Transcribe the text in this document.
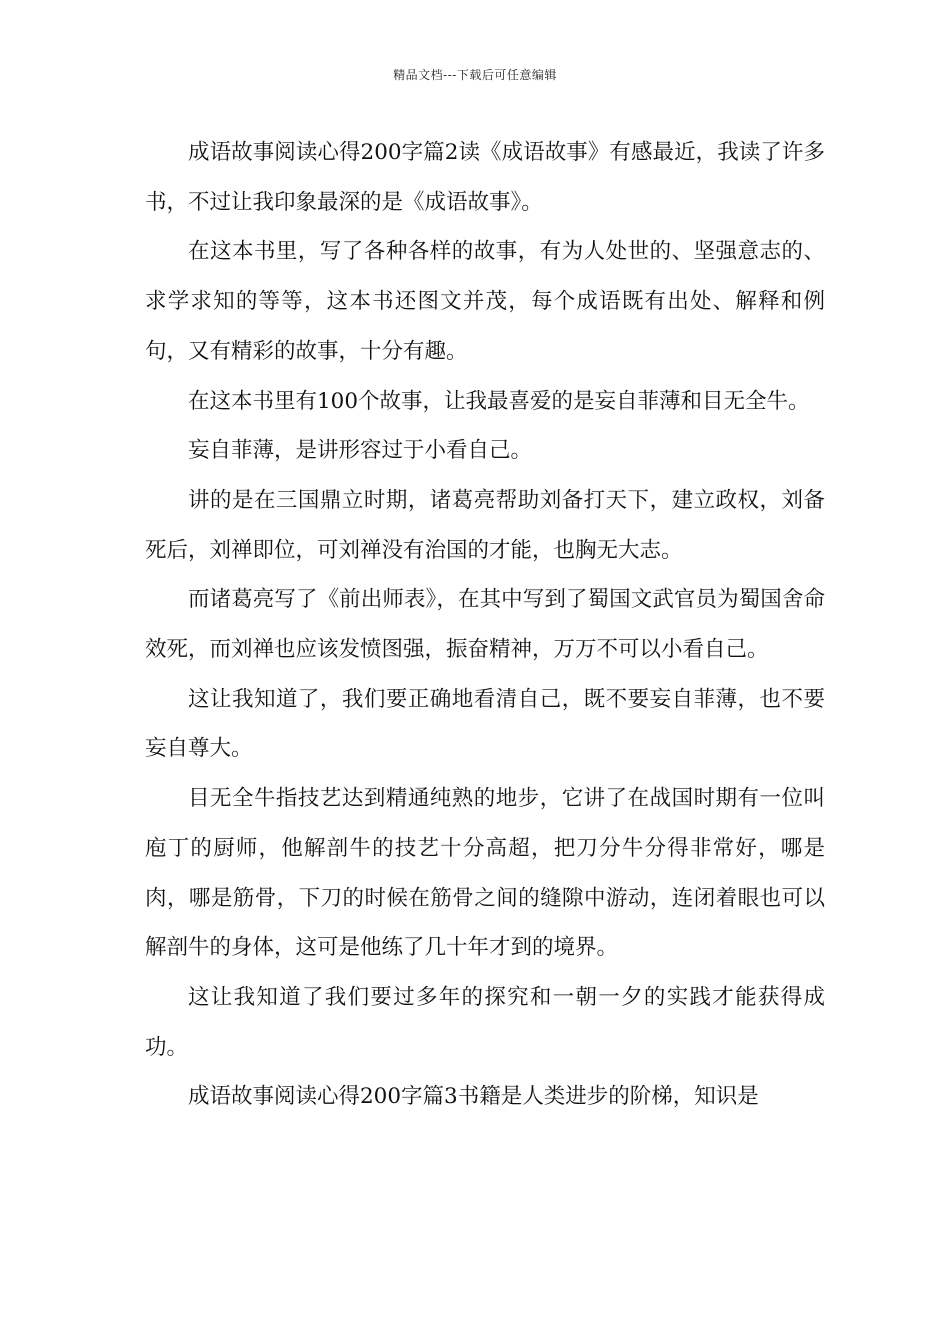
精品文档---下载后可任意编辑

成语故事阅读心得200字篇2读《成语故事》有感最近，我读了许多书，不过让我印象最深的是《成语故事》。

在这本书里，写了各种各样的故事，有为人处世的、坚强意志的、求学求知的等等，这本书还图文并茂，每个成语既有出处、解释和例句，又有精彩的故事，十分有趣。

在这本书里有100个故事，让我最喜爱的是妄自菲薄和目无全牛。

妄自菲薄，是讲形容过于小看自己。

讲的是在三国鼎立时期，诸葛亮帮助刘备打天下，建立政权，刘备死后，刘禅即位，可刘禅没有治国的才能，也胸无大志。

而诸葛亮写了《前出师表》，在其中写到了蜀国文武官员为蜀国舍命效死，而刘禅也应该发愤图强，振奋精神，万万不可以小看自己。

这让我知道了，我们要正确地看清自己，既不要妄自菲薄，也不要妄自尊大。

目无全牛指技艺达到精通纯熟的地步，它讲了在战国时期有一位叫庖丁的厨师，他解剖牛的技艺十分高超，把刀分牛分得非常好，哪是肉，哪是筋骨，下刀的时候在筋骨之间的缝隙中游动，连闭着眼也可以解剖牛的身体，这可是他练了几十年才到的境界。

这让我知道了我们要过多年的探究和一朝一夕的实践才能获得成功。

成语故事阅读心得200字篇3书籍是人类进步的阶梯，知识是
